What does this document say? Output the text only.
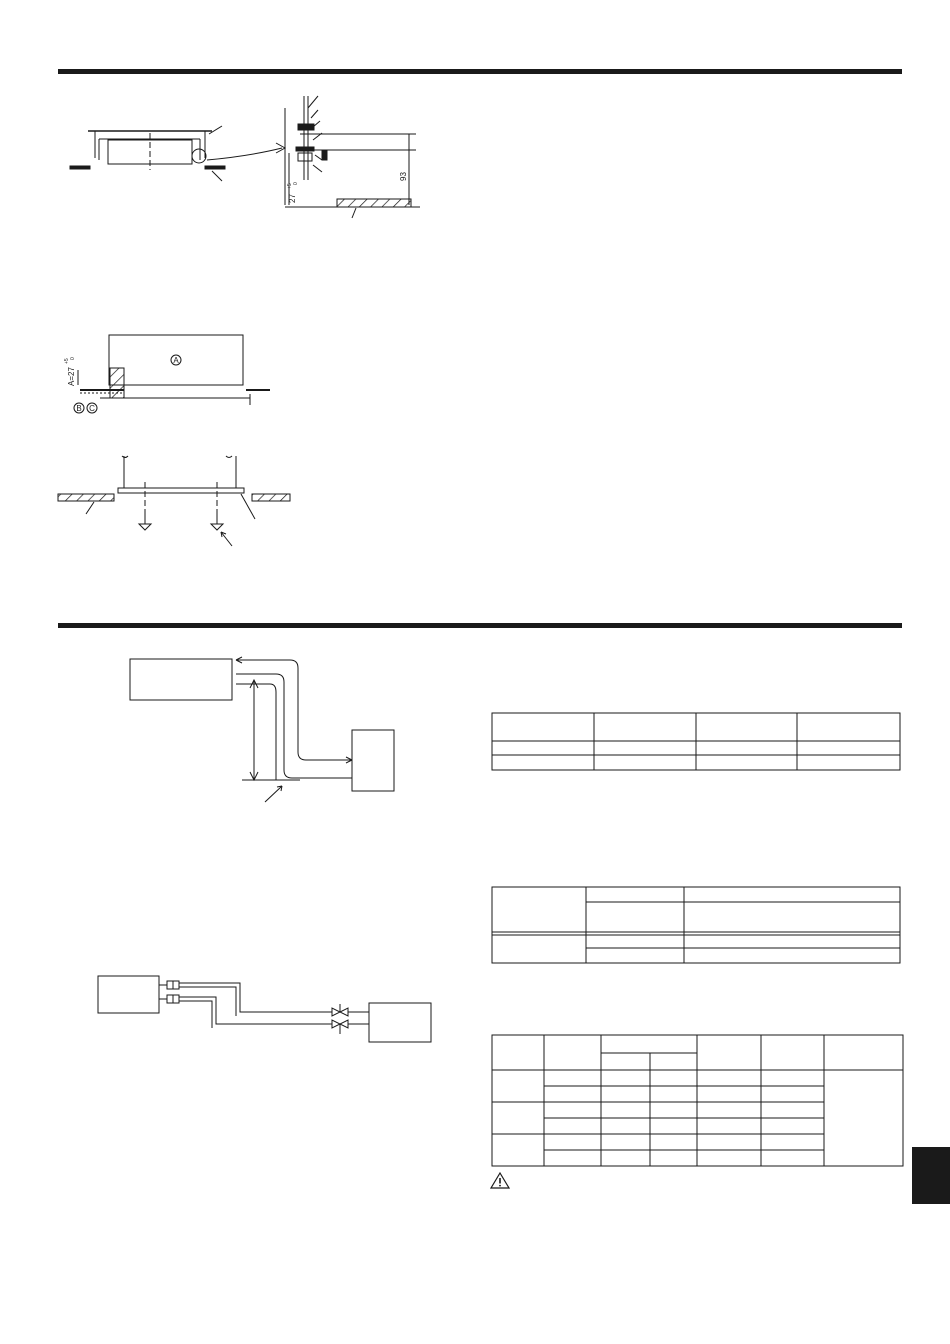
27
+5 0
93
A
B C
A=27
+5 0
